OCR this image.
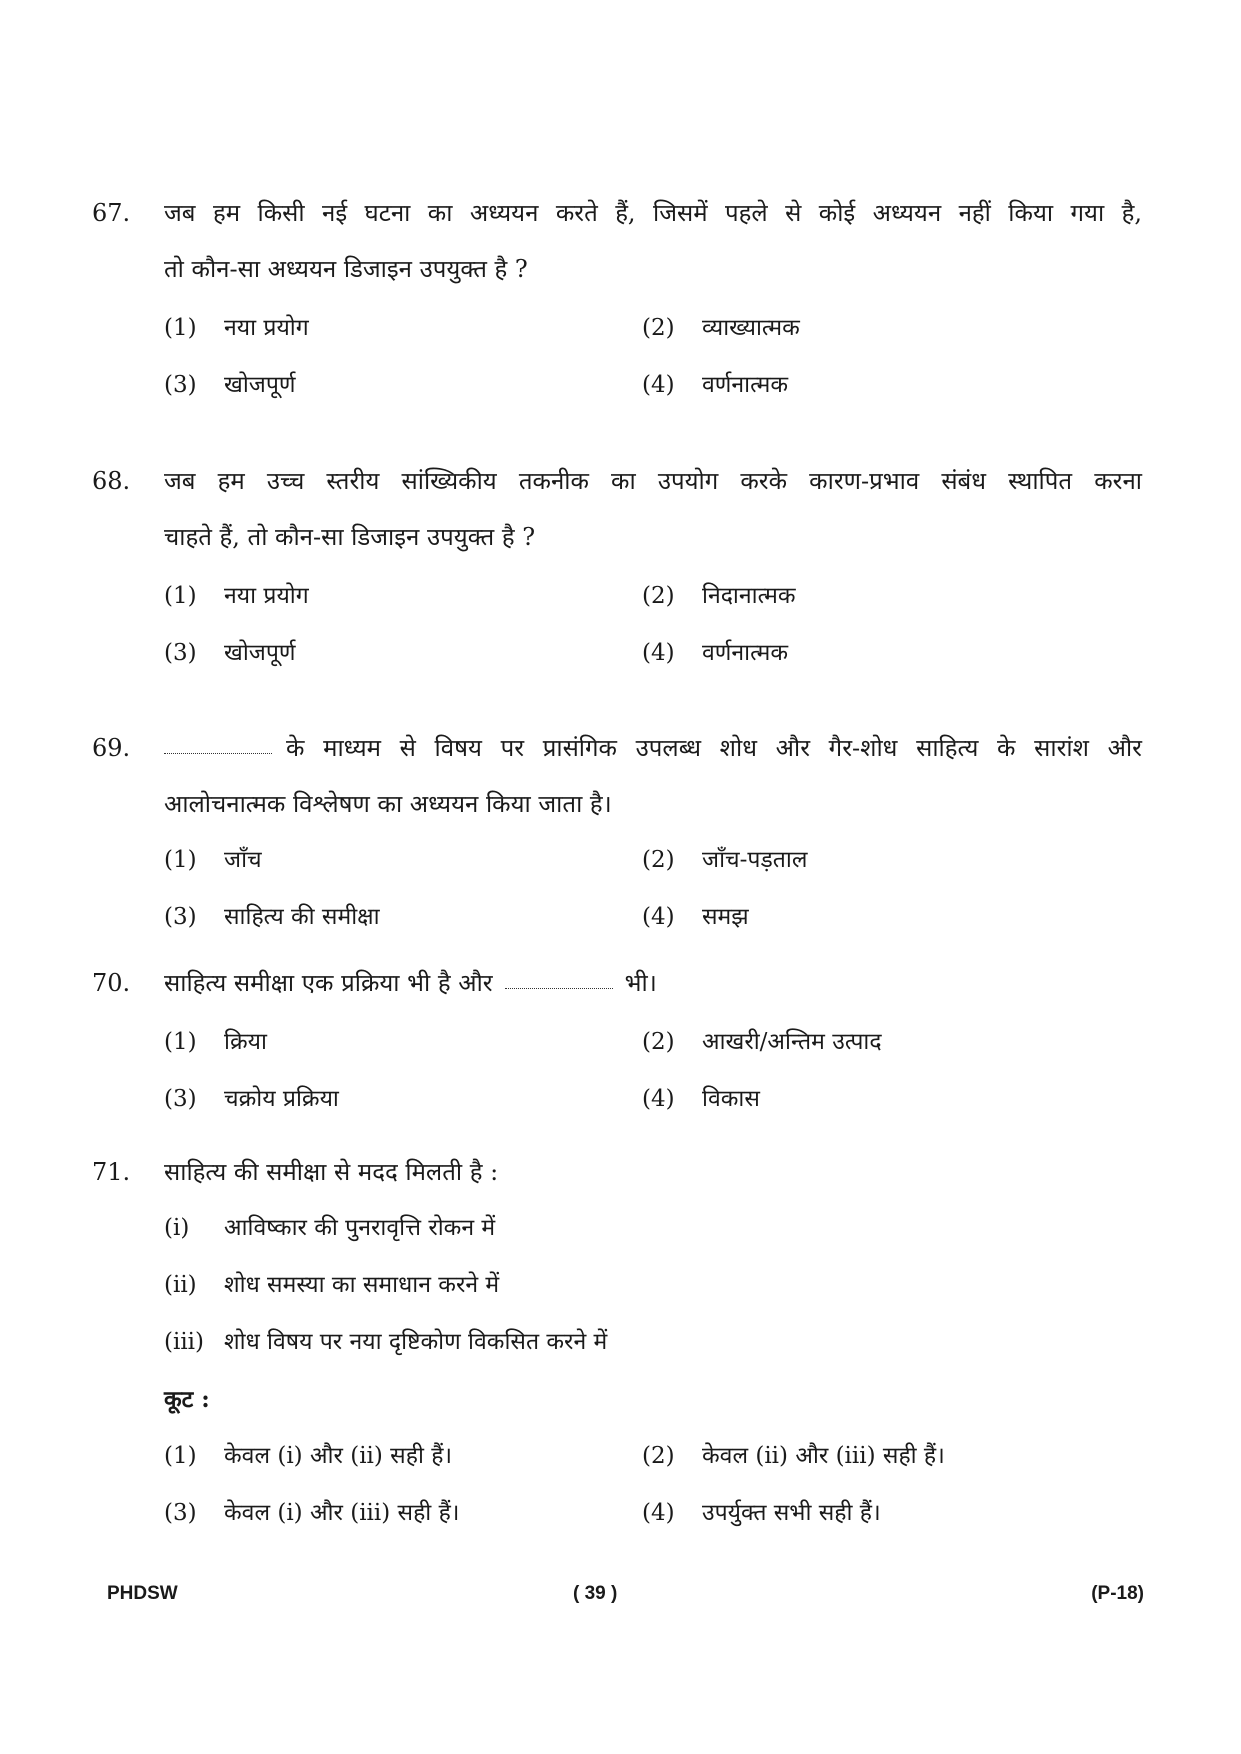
67.	जब हम किसी नई घटना का अध्ययन करते हैं, जिसमें पहले से कोई अध्ययन नहीं किया गया है,
तो कौन-सा अध्ययन डिजाइन उपयुक्त है ?
(1) नया प्रयोग	(2) व्याख्यात्मक
(3) खोजपूर्ण	(4) वर्णनात्मक
68.	जब हम उच्च स्तरीय सांख्यिकीय तकनीक का उपयोग करके कारण-प्रभाव संबंध स्थापित करना
चाहते हैं, तो कौन-सा डिजाइन उपयुक्त है ?
(1) नया प्रयोग	(2) निदानात्मक
(3) खोजपूर्ण	(4) वर्णनात्मक
69.	के माध्यम से विषय पर प्रासंगिक उपलब्ध शोध और गैर-शोध साहित्य के सारांश और
आलोचनात्मक विश्लेषण का अध्ययन किया जाता है।
(1) जाँच	(2) जाँच-पड़ताल
(3) साहित्य की समीक्षा	(4) समझ
70.	साहित्य समीक्षा एक प्रक्रिया भी है और	भी।
(1) क्रिया	(2) आखरी/अन्तिम उत्पाद
(3) चक्रोय प्रक्रिया	(4) विकास
71.	साहित्य की समीक्षा से मदद मिलती है :
(i) आविष्कार की पुनरावृत्ति रोकन में
(ii) शोध समस्या का समाधान करने में
(iii) शोध विषय पर नया दृष्टिकोण विकसित करने में
कूट :
(1) केवल (i) और (ii) सही हैं।	(2) केवल (ii) और (iii) सही हैं।
(3) केवल (i) और (iii) सही हैं।	(4) उपर्युक्त सभी सही हैं।
PHDSW	( 39 )	(P-18)
